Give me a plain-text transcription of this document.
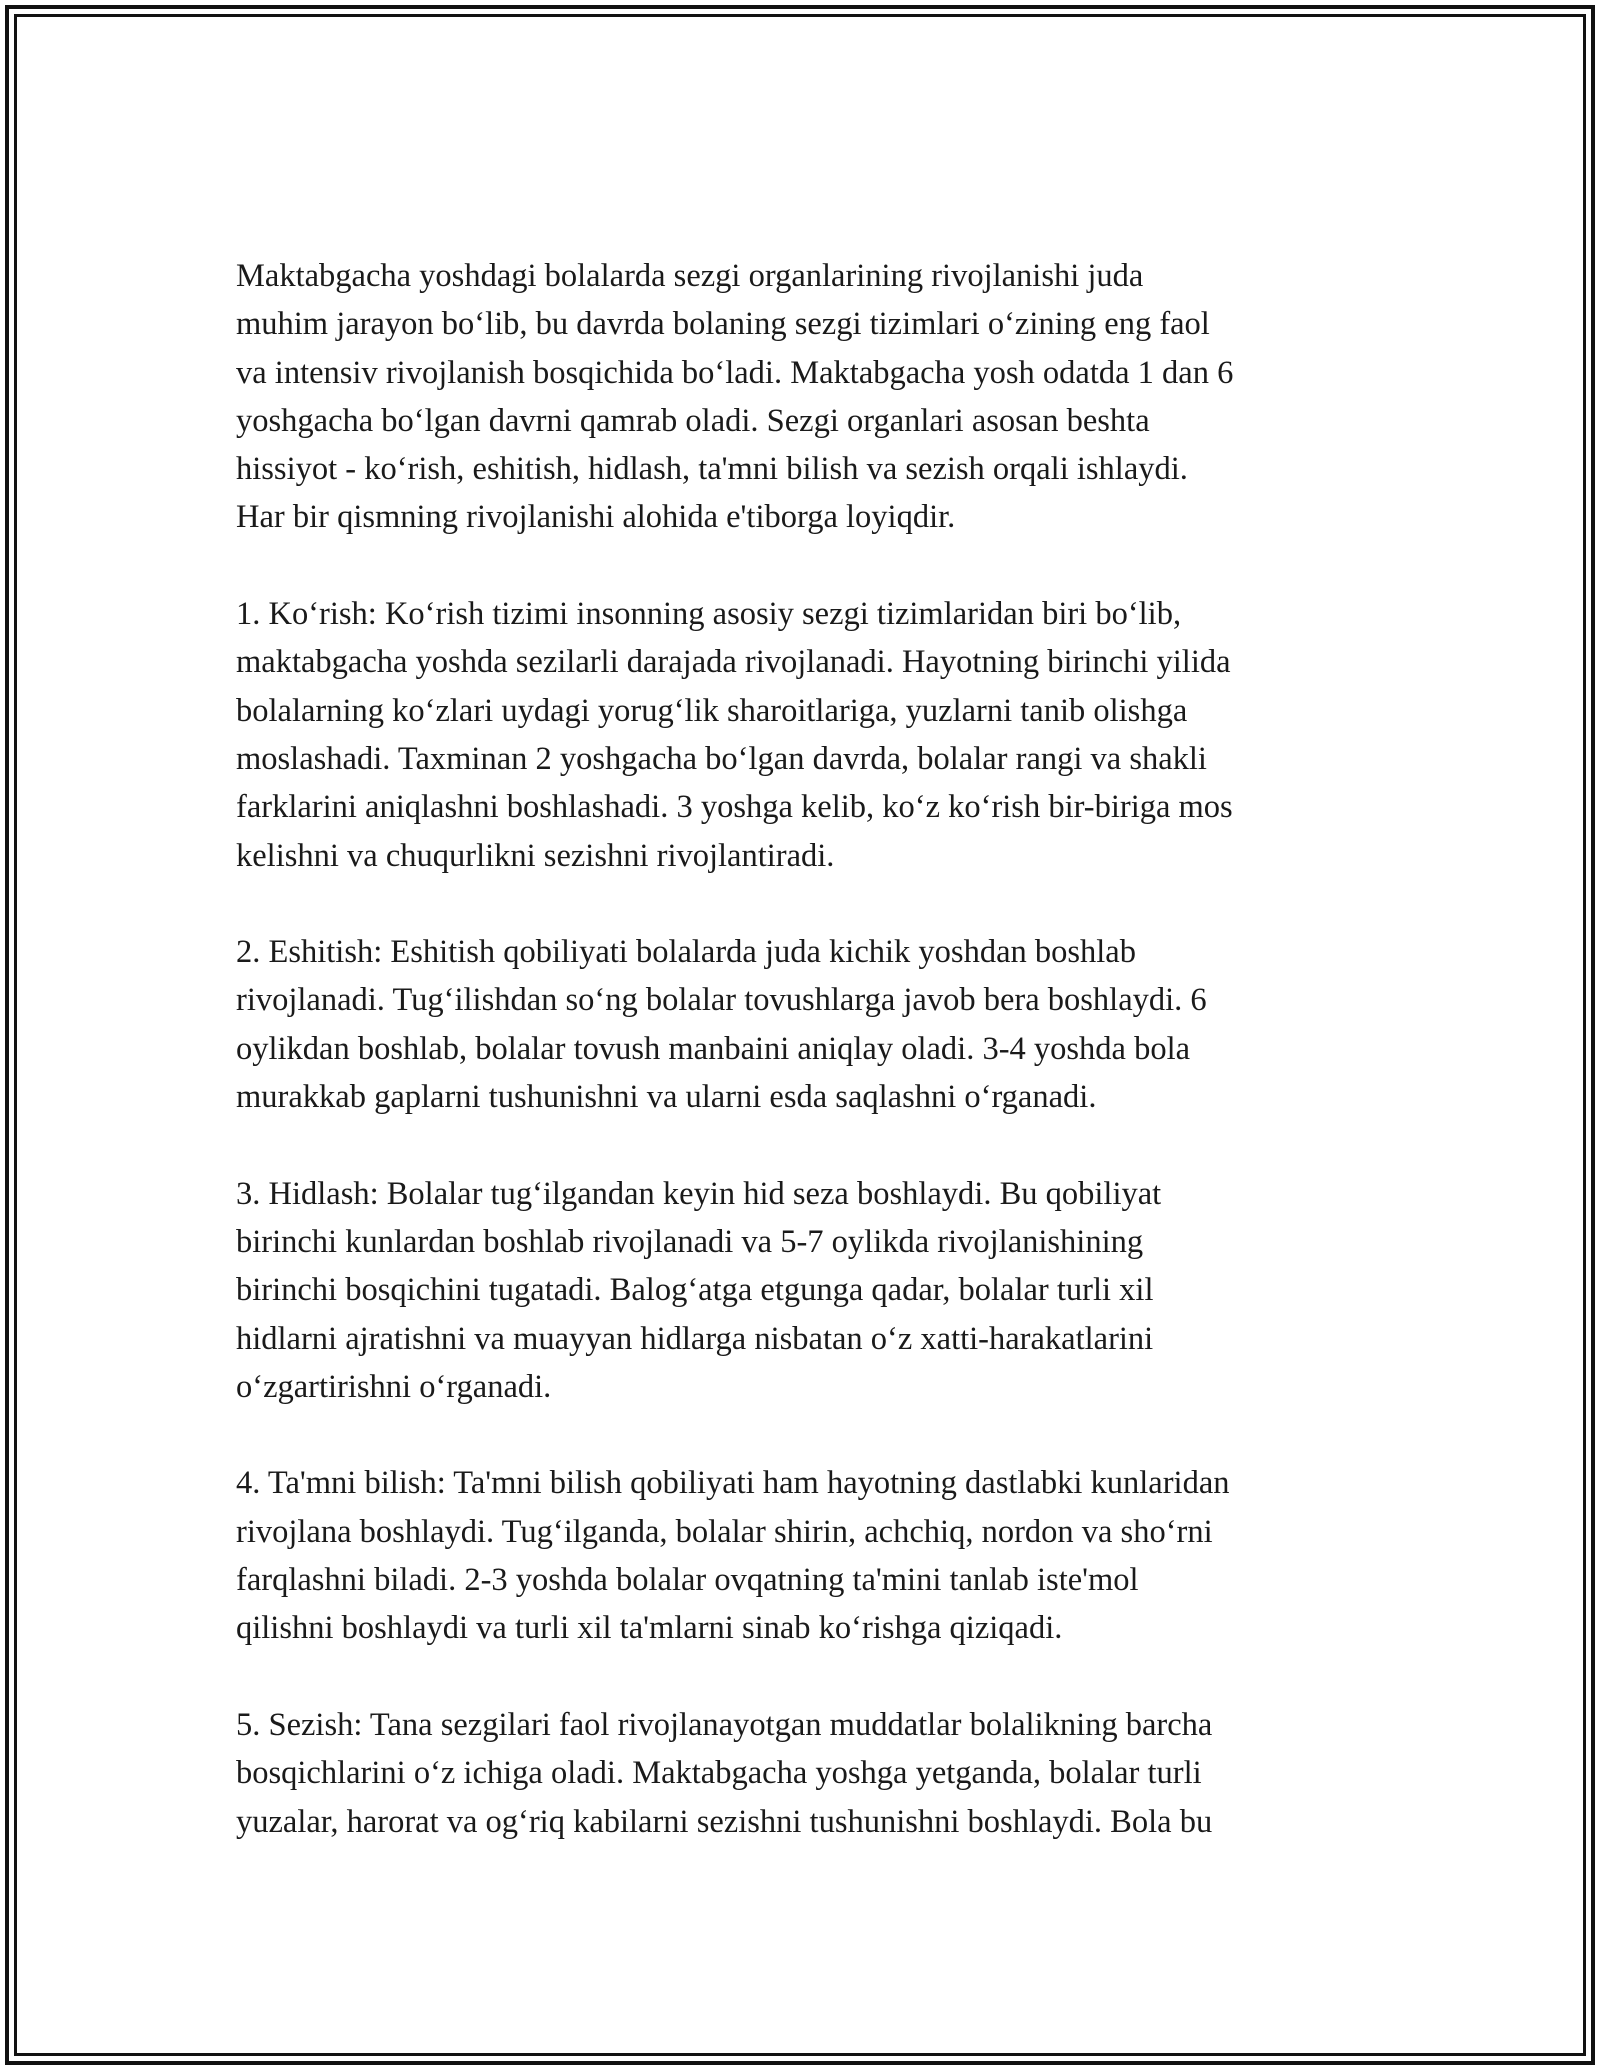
Maktabgacha yoshdagi bolalarda sezgi organlarining rivojlanishi juda
muhim jarayon bo‘lib, bu davrda bolaning sezgi tizimlari o‘zining eng faol
va intensiv rivojlanish bosqichida bo‘ladi. Maktabgacha yosh odatda 1 dan 6
yoshgacha bo‘lgan davrni qamrab oladi. Sezgi organlari asosan beshta
hissiyot - ko‘rish, eshitish, hidlash, ta'mni bilish va sezish orqali ishlaydi.
Har bir qismning rivojlanishi alohida e'tiborga loyiqdir.
1. Ko‘rish: Ko‘rish tizimi insonning asosiy sezgi tizimlaridan biri bo‘lib,
maktabgacha yoshda sezilarli darajada rivojlanadi. Hayotning birinchi yilida
bolalarning ko‘zlari uydagi yorug‘lik sharoitlariga, yuzlarni tanib olishga
moslashadi. Taxminan 2 yoshgacha bo‘lgan davrda, bolalar rangi va shakli
farklarini aniqlashni boshlashadi. 3 yoshga kelib, ko‘z ko‘rish bir-biriga mos
kelishni va chuqurlikni sezishni rivojlantiradi.
2. Eshitish: Eshitish qobiliyati bolalarda juda kichik yoshdan boshlab
rivojlanadi. Tug‘ilishdan so‘ng bolalar tovushlarga javob bera boshlaydi. 6
oylikdan boshlab, bolalar tovush manbaini aniqlay oladi. 3-4 yoshda bola
murakkab gaplarni tushunishni va ularni esda saqlashni o‘rganadi.
3. Hidlash: Bolalar tug‘ilgandan keyin hid seza boshlaydi. Bu qobiliyat
birinchi kunlardan boshlab rivojlanadi va 5-7 oylikda rivojlanishining
birinchi bosqichini tugatadi. Balog‘atga etgunga qadar, bolalar turli xil
hidlarni ajratishni va muayyan hidlarga nisbatan o‘z xatti-harakatlarini
o‘zgartirishni o‘rganadi.
4. Ta'mni bilish: Ta'mni bilish qobiliyati ham hayotning dastlabki kunlaridan
rivojlana boshlaydi. Tug‘ilganda, bolalar shirin, achchiq, nordon va sho‘rni
farqlashni biladi. 2-3 yoshda bolalar ovqatning ta'mini tanlab iste'mol
qilishni boshlaydi va turli xil ta'mlarni sinab ko‘rishga qiziqadi.
5. Sezish: Tana sezgilari faol rivojlanayotgan muddatlar bolalikning barcha
bosqichlarini o‘z ichiga oladi. Maktabgacha yoshga yetganda, bolalar turli
yuzalar, harorat va og‘riq kabilarni sezishni tushunishni boshlaydi. Bola bu
